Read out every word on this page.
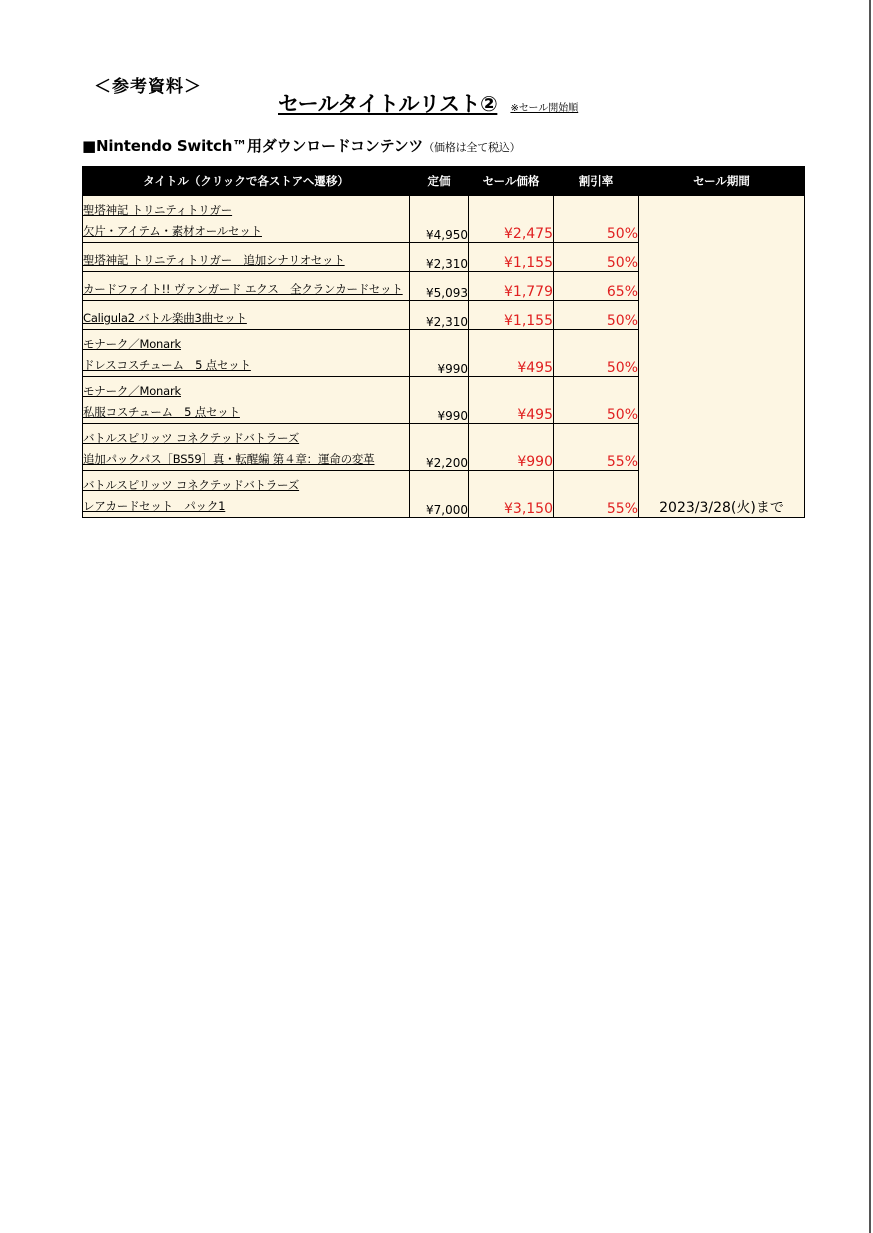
＜参考資料＞
セールタイトルリスト② ※セール開始順
■Nintendo Switch™用ダウンロードコンテンツ（価格は全て税込）
タイトル（クリックで各ストアへ遷移）	定価	セール価格	割引率	セール期間

聖塔神記 トリニティトリガー
欠片・アイテム・素材オールセット	¥4,950	¥2,475	50%	2023/3/28(火)まで

聖塔神記 トリニティトリガー　追加シナリオセット	¥2,310	¥1,155	50%	

カードファイト!! ヴァンガード エクス　全クランカードセット	¥5,093	¥1,779	65%	

Caligula2 バトル楽曲3曲セット	¥2,310	¥1,155	50%	

モナーク／Monark
ドレスコスチューム　5 点セット	¥990	¥495	50%	

モナーク／Monark
私服コスチューム　5 点セット	¥990	¥495	50%	

バトルスピリッツ コネクテッドバトラーズ
追加パックパス［BS59］真・転醒編 第４章：運命の変革	¥2,200	¥990	55%	

バトルスピリッツ コネクテッドバトラーズ
レアカードセット　パック1	¥7,000	¥3,150	55%	
